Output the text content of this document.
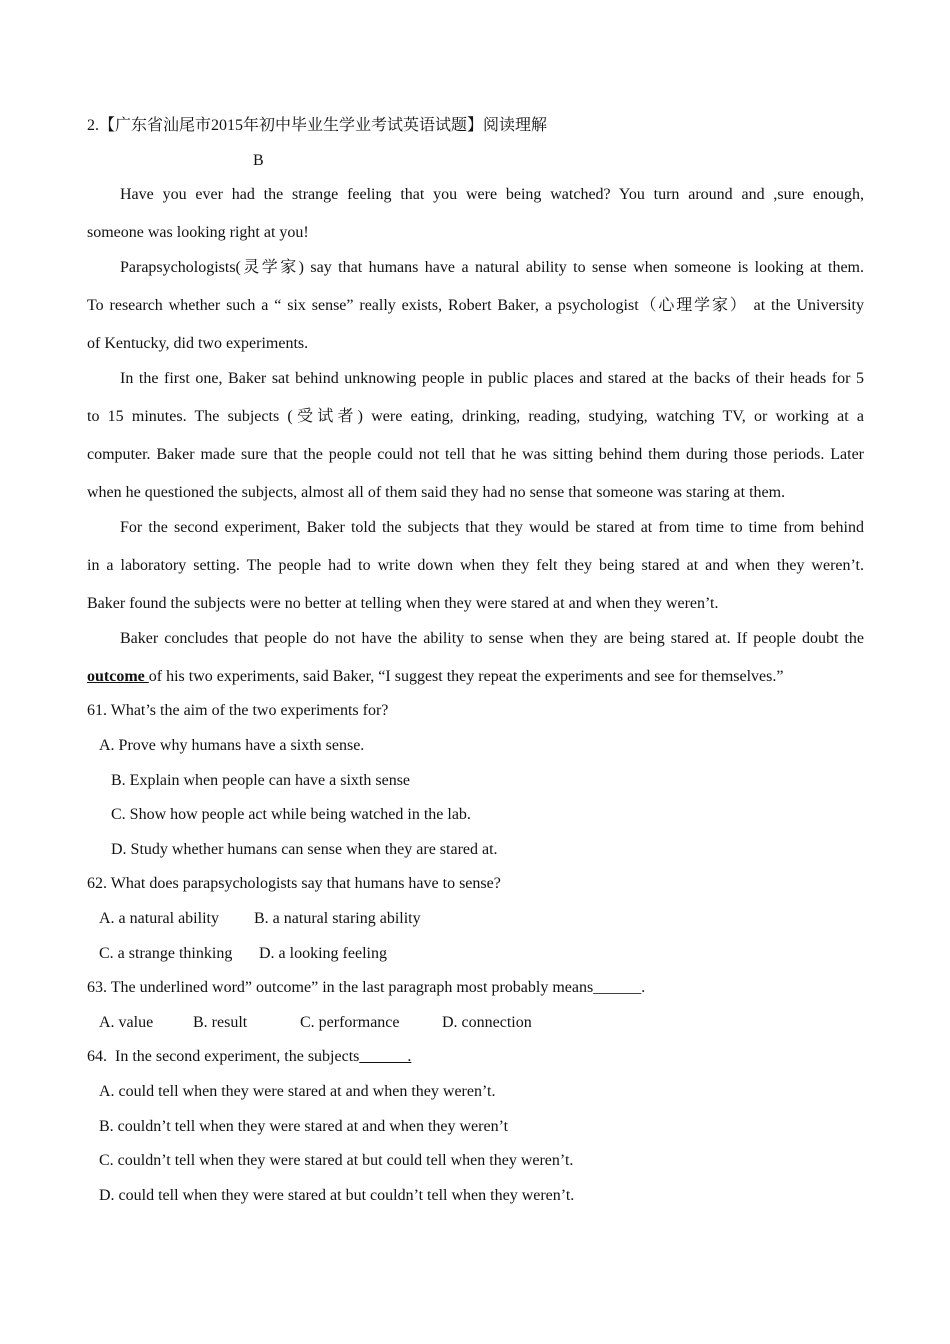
2.【广东省汕尾市2015年初中毕业生学业考试英语试题】阅读理解
B
Have you ever had the strange feeling that you were being watched? You turn around and ,sure enough,
someone was looking right at you!
Parapsychologists(灵学家) say that humans have a natural ability to sense when someone is looking at them.
To research whether such a “ six sense” really exists, Robert Baker, a psychologist（心理学家） at the University
of Kentucky, did two experiments.
In the first one, Baker sat behind unknowing people in public places and stared at the backs of their heads for 5
to 15 minutes. The subjects (受试者) were eating, drinking, reading, studying, watching TV, or working at a
computer. Baker made sure that the people could not tell that he was sitting behind them during those periods. Later
when he questioned the subjects, almost all of them said they had no sense that someone was staring at them.
For the second experiment, Baker told the subjects that they would be stared at from time to time from behind
in a laboratory setting. The people had to write down when they felt they being stared at and when they weren’t.
Baker found the subjects were no better at telling when they were stared at and when they weren’t.
Baker concludes that people do not have the ability to sense when they are being stared at. If people doubt the
outcome of his two experiments, said Baker, “I suggest they repeat the experiments and see for themselves.”
61. What’s the aim of the two experiments for?
A. Prove why humans have a sixth sense.
B. Explain when people can have a sixth sense
C. Show how people act while being watched in the lab.
D. Study whether humans can sense when they are stared at.
62. What does parapsychologists say that humans have to sense?
A. a natural ability B. a natural staring ability
C. a strange thinking D. a looking feeling
63. The underlined word” outcome” in the last paragraph most probably means______.
A. value B. result	C. performance	D. connection
64.  In the second experiment, the subjects______.
A. could tell when they were stared at and when they weren’t.
B. couldn’t tell when they were stared at and when they weren’t
C. couldn’t tell when they were stared at but could tell when they weren’t.
D. could tell when they were stared at but couldn’t tell when they weren’t.
